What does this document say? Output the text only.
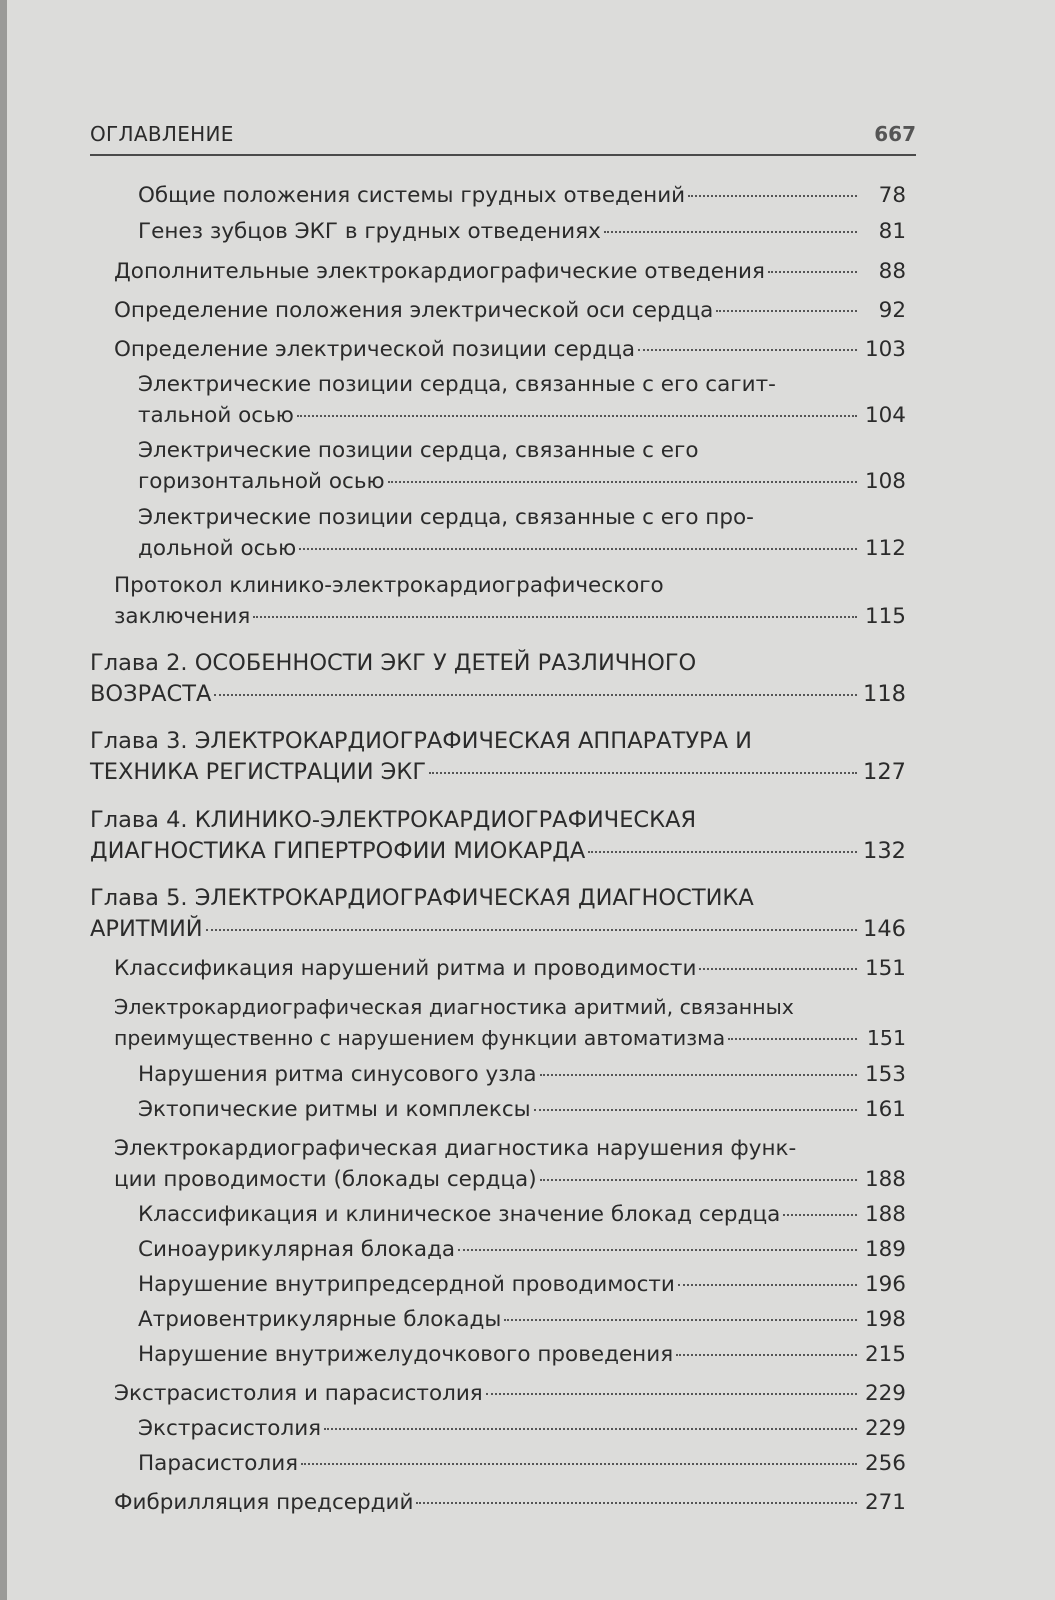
ОГЛАВЛЕНИЕ	667
Общие положения системы грудных отведений	78
Генез зубцов ЭКГ в грудных отведениях	81
Дополнительные электрокардиографические отведения	88
Определение положения электрической оси сердца	92
Определение электрической позиции сердца	103
Электрические позиции сердца, связанные с его сагит-
тальной осью	104
Электрические позиции сердца, связанные с его
горизонтальной осью	108
Электрические позиции сердца, связанные с его про-
дольной осью	112
Протокол клинико-электрокардиографического
заключения	115
Глава 2. ОСОБЕННОСТИ ЭКГ У ДЕТЕЙ РАЗЛИЧНОГО
ВОЗРАСТА	118
Глава 3. ЭЛЕКТРОКАРДИОГРАФИЧЕСКАЯ АППАРАТУРА И
ТЕХНИКА РЕГИСТРАЦИИ ЭКГ	127
Глава 4. КЛИНИКО-ЭЛЕКТРОКАРДИОГРАФИЧЕСКАЯ
ДИАГНОСТИКА ГИПЕРТРОФИИ МИОКАРДА	132
Глава 5. ЭЛЕКТРОКАРДИОГРАФИЧЕСКАЯ ДИАГНОСТИКА
АРИТМИЙ	146
Классификация нарушений ритма и проводимости	151
Электрокардиографическая диагностика аритмий, связанных
преимущественно с нарушением функции автоматизма	151
Нарушения ритма синусового узла	153
Эктопические ритмы и комплексы	161
Электрокардиографическая диагностика нарушения функ-
ции проводимости (блокады сердца)	188
Классификация и клиническое значение блокад сердца	188
Синоаурикулярная блокада	189
Нарушение внутрипредсердной проводимости	196
Атриовентрикулярные блокады	198
Нарушение внутрижелудочкового проведения	215
Экстрасистолия и парасистолия	229
Экстрасистолия	229
Парасистолия	256
Фибрилляция предсердий	271
